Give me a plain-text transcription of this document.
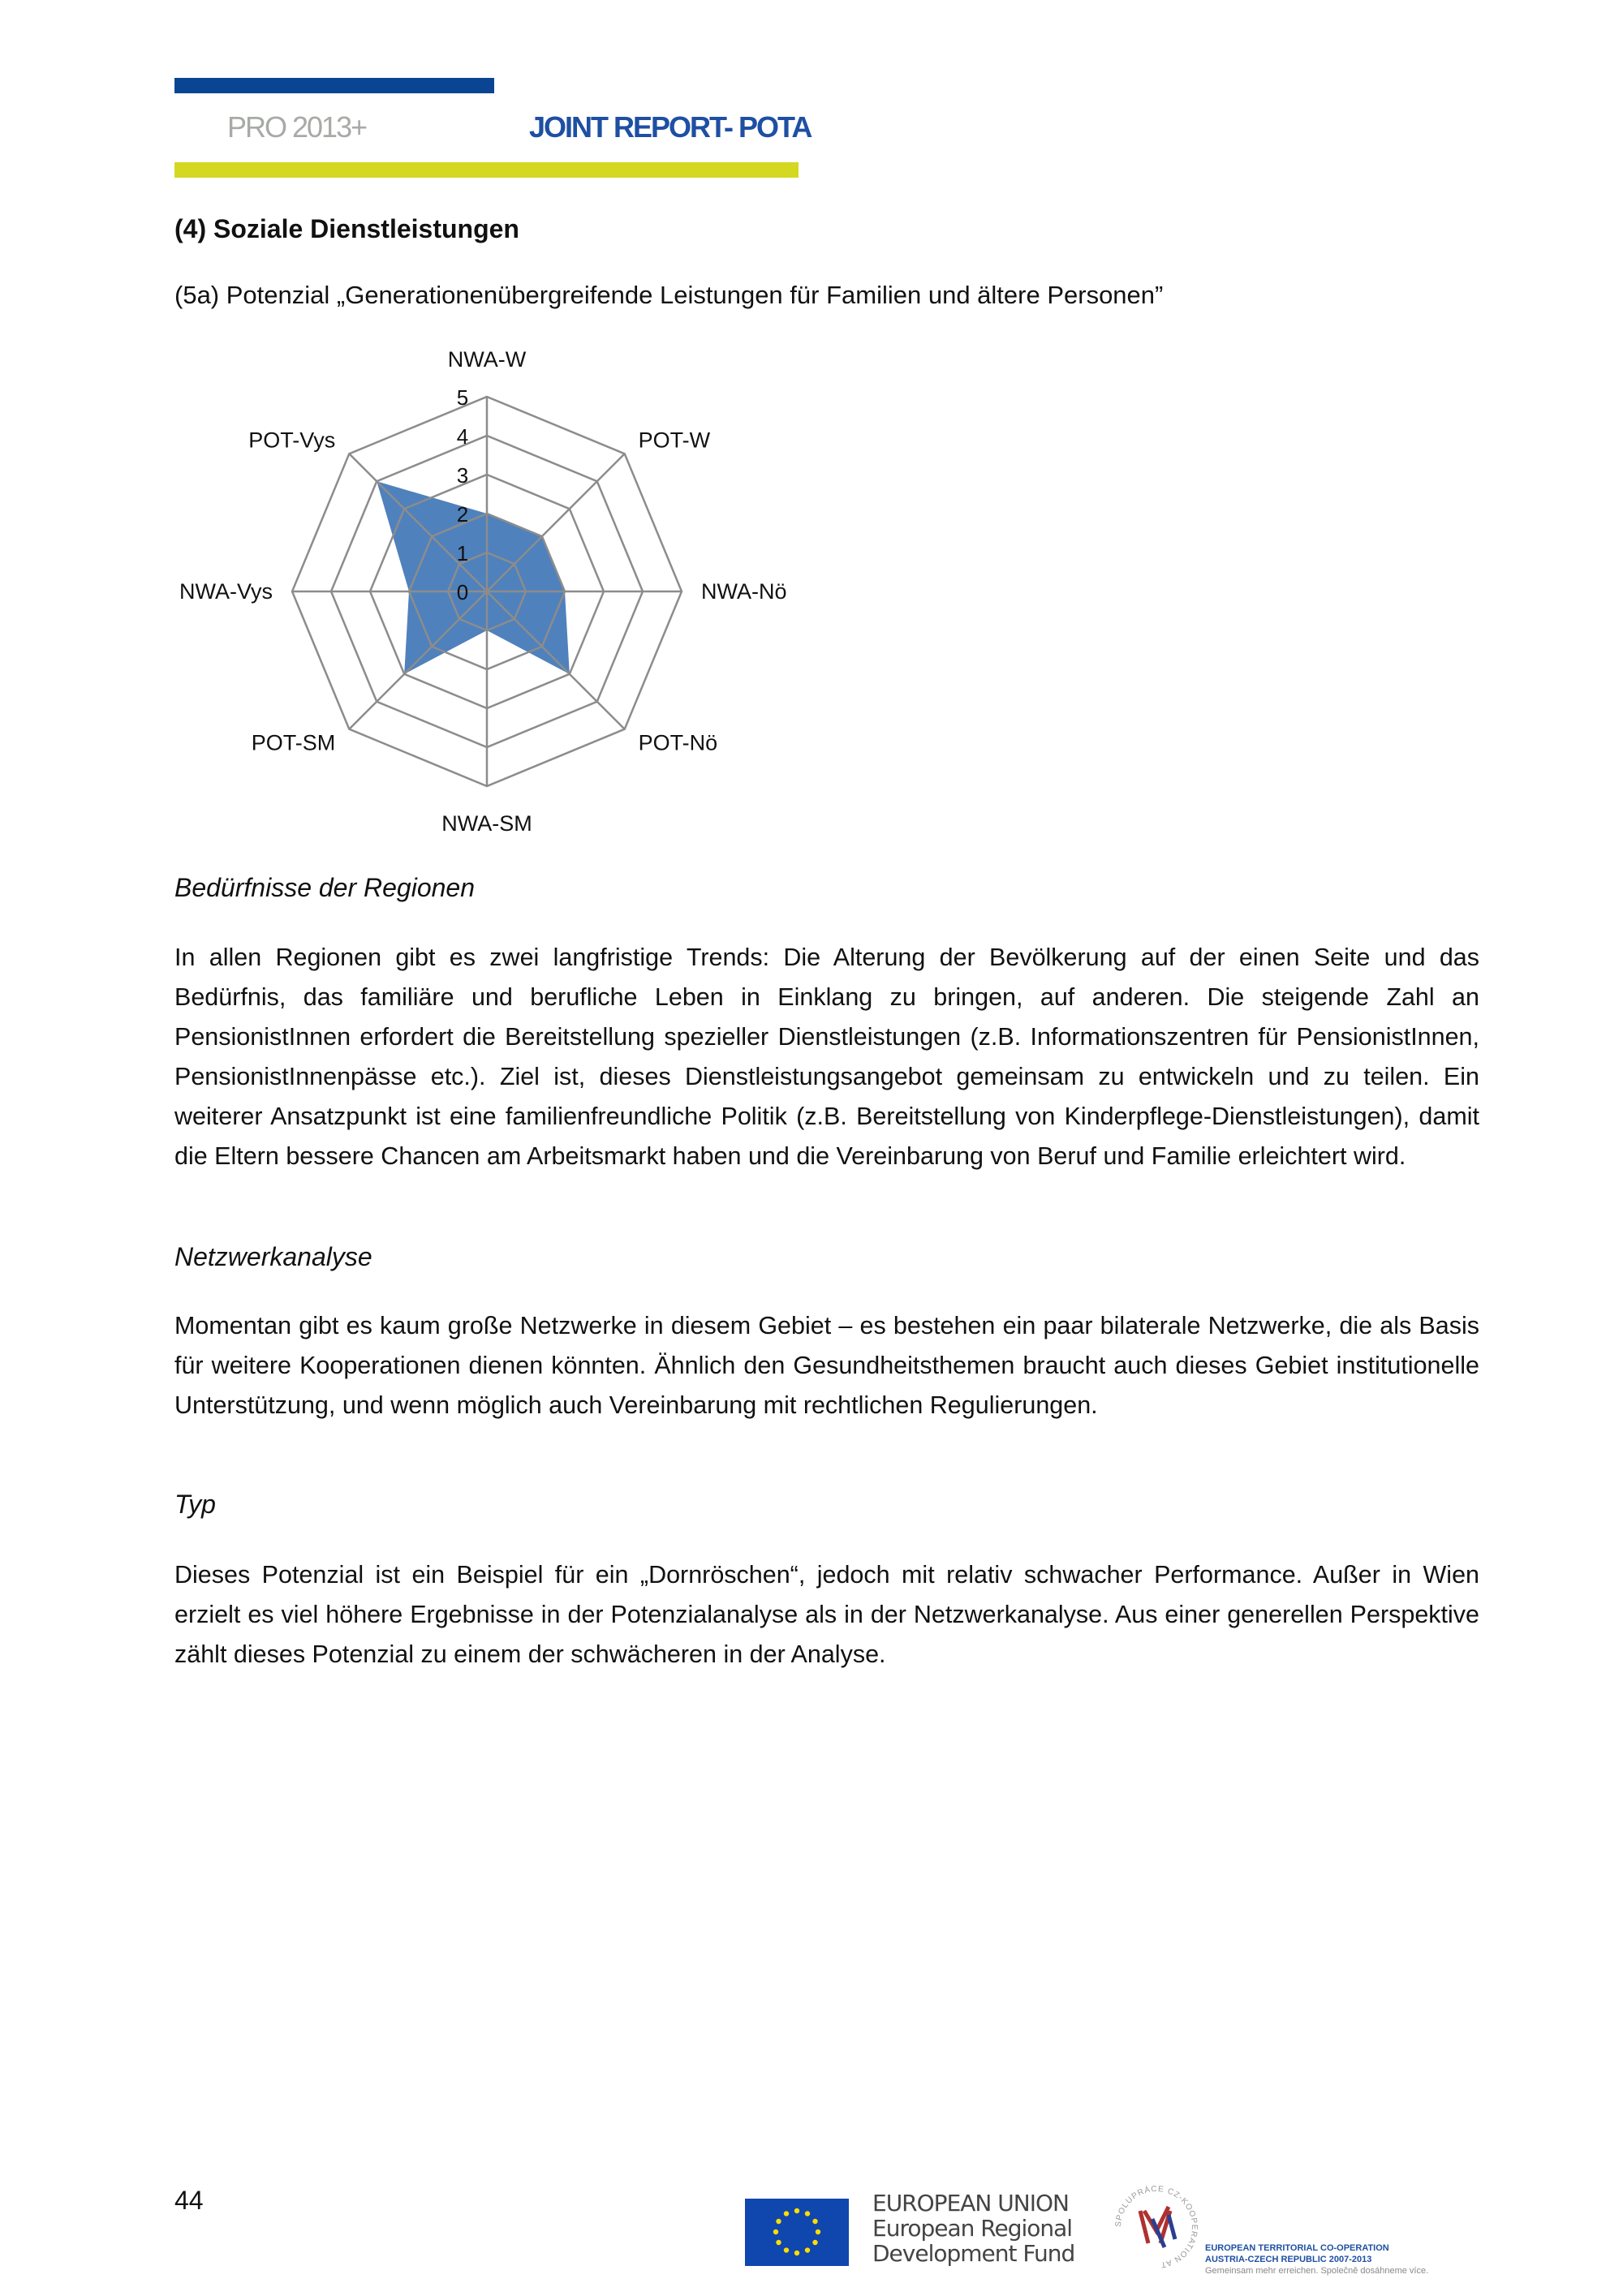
PRO 2013+	JOINT REPORT- POTA
(4) Soziale Dienstleistungen
(5a) Potenzial „Generationenübergreifende Leistungen für Familien und ältere Personen”
0
1
2
3
4
5
NWA-W
POT-W
NWA-Nö
POT-Nö
NWA-SM
POT-SM
NWA-Vys
POT-Vys
Bedürfnisse der Regionen
In allen Regionen gibt es zwei langfristige Trends: Die Alterung der Bevölkerung auf der einen Seite und das
Bedürfnis, das familiäre und berufliche Leben in Einklang zu bringen, auf anderen. Die steigende Zahl an
PensionistInnen erfordert die Bereitstellung spezieller Dienstleistungen (z.B. Informationszentren für PensionistInnen,
PensionistInnenpässe etc.). Ziel ist, dieses Dienstleistungsangebot gemeinsam zu entwickeln und zu teilen. Ein
weiterer Ansatzpunkt ist eine familienfreundliche Politik (z.B. Bereitstellung von Kinderpflege-Dienstleistungen), damit
die Eltern bessere Chancen am Arbeitsmarkt haben und die Vereinbarung von Beruf und Familie erleichtert wird.
Netzwerkanalyse
Momentan gibt es kaum große Netzwerke in diesem Gebiet – es bestehen ein paar bilaterale Netzwerke, die als Basis
für weitere Kooperationen dienen könnten. Ähnlich den Gesundheitsthemen braucht auch dieses Gebiet institutionelle
Unterstützung, und wenn möglich auch Vereinbarung mit rechtlichen Regulierungen.
Typ
Dieses Potenzial ist ein Beispiel für ein „Dornröschen“, jedoch mit relativ schwacher Performance. Außer in Wien
erzielt es viel höhere Ergebnisse in der Potenzialanalyse als in der Netzwerkanalyse. Aus einer generellen Perspektive
zählt dieses Potenzial zu einem der schwächeren in der Analyse.
44	EUROPEAN UNION
European Regional
Development Fund
SPOLUPRÁCE CZ-KOOPERATION AT
EUROPEAN TERRITORIAL CO-OPERATION
AUSTRIA-CZECH REPUBLIC 2007-2013
Gemeinsam mehr erreichen. Společně dosáhneme více.
